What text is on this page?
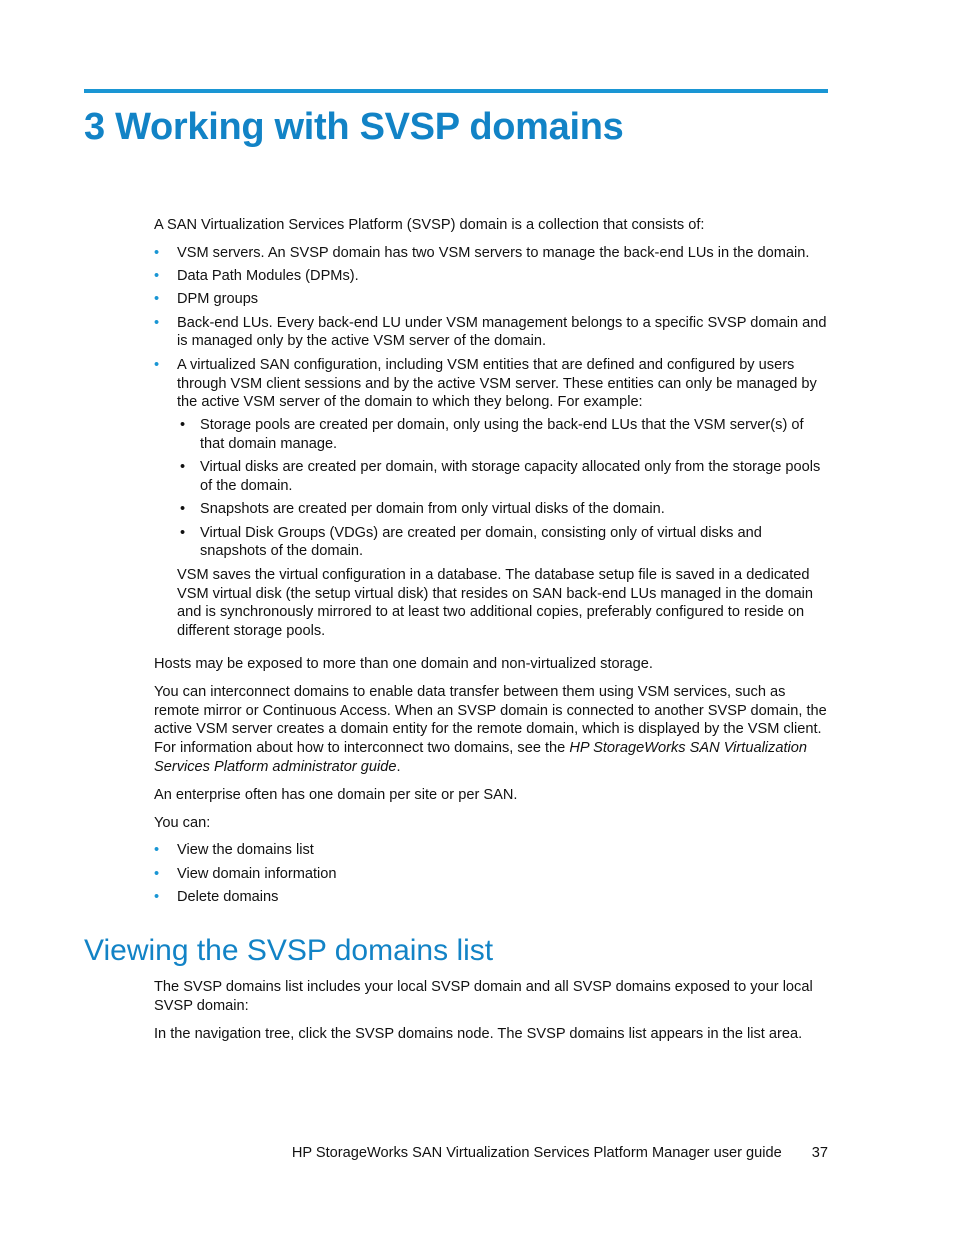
3 Working with SVSP domains

A SAN Virtualization Services Platform (SVSP) domain is a collection that consists of:

• VSM servers. An SVSP domain has two VSM servers to manage the back-end LUs in the domain.
• Data Path Modules (DPMs).
• DPM groups
• Back-end LUs. Every back-end LU under VSM management belongs to a specific SVSP domain and is managed only by the active VSM server of the domain.
• A virtualized SAN configuration, including VSM entities that are defined and configured by users through VSM client sessions and by the active VSM server. These entities can only be managed by the active VSM server of the domain to which they belong. For example:
• Storage pools are created per domain, only using the back-end LUs that the VSM server(s) of that domain manage.
• Virtual disks are created per domain, with storage capacity allocated only from the storage pools of the domain.
• Snapshots are created per domain from only virtual disks of the domain.
• Virtual Disk Groups (VDGs) are created per domain, consisting only of virtual disks and snapshots of the domain.
VSM saves the virtual configuration in a database. The database setup file is saved in a dedicated VSM virtual disk (the setup virtual disk) that resides on SAN back-end LUs managed in the domain and is synchronously mirrored to at least two additional copies, preferably configured to reside on different storage pools.

Hosts may be exposed to more than one domain and non-virtualized storage.

You can interconnect domains to enable data transfer between them using VSM services, such as remote mirror or Continuous Access. When an SVSP domain is connected to another SVSP domain, the active VSM server creates a domain entity for the remote domain, which is displayed by the VSM client. For information about how to interconnect two domains, see the HP StorageWorks SAN Virtualization Services Platform administrator guide.

An enterprise often has one domain per site or per SAN.

You can:

• View the domains list
• View domain information
• Delete domains
Viewing the SVSP domains list

The SVSP domains list includes your local SVSP domain and all SVSP domains exposed to your local SVSP domain:

In the navigation tree, click the SVSP domains node. The SVSP domains list appears in the list area.

HP StorageWorks SAN Virtualization Services Platform Manager user guide 37
